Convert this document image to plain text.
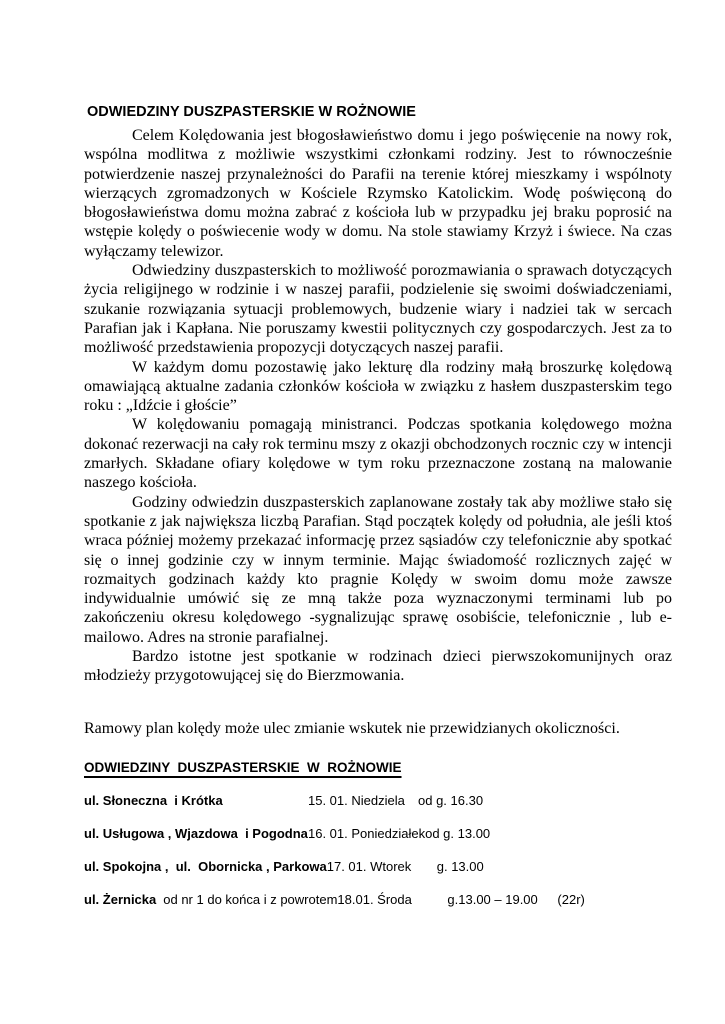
ODWIEDZINY DUSZPASTERSKIE W ROŻNOWIE

Celem Kolędowania jest błogosławieństwo domu i jego poświęcenie na nowy rok, wspólna modlitwa z możliwie wszystkimi członkami rodziny. Jest to równocześnie potwierdzenie naszej przynależności do Parafii na terenie której mieszkamy i wspólnoty wierzących zgromadzonych w Kościele Rzymsko Katolickim. Wodę poświęconą do błogosławieństwa domu można zabrać z kościoła lub w przypadku jej braku poprosić na wstępie kolędy o poświecenie wody w domu. Na stole stawiamy Krzyż i świece. Na czas wyłączamy telewizor.

Odwiedziny duszpasterskich to możliwość porozmawiania o sprawach dotyczących życia religijnego w rodzinie i w naszej parafii, podzielenie się swoimi doświadczeniami, szukanie rozwiązania sytuacji problemowych, budzenie wiary i nadziei tak w sercach Parafian jak i Kapłana. Nie poruszamy kwestii politycznych czy gospodarczych. Jest za to możliwość przedstawienia propozycji dotyczących naszej parafii.

W każdym domu pozostawię jako lekturę dla rodziny małą broszurkę kolędową omawiającą aktualne zadania członków kościoła w związku z hasłem duszpasterskim tego roku : „Idźcie i głoście”

W kolędowaniu pomagają ministranci. Podczas spotkania kolędowego można dokonać rezerwacji na cały rok terminu mszy z okazji obchodzonych rocznic czy w intencji zmarłych. Składane ofiary kolędowe w tym roku przeznaczone zostaną na malowanie naszego kościoła.

Godziny odwiedzin duszpasterskich zaplanowane zostały tak aby możliwe stało się spotkanie z jak największa liczbą Parafian. Stąd początek kolędy od południa, ale jeśli ktoś wraca później możemy przekazać informację przez sąsiadów czy telefonicznie aby spotkać się o innej godzinie czy w innym terminie. Mając świadomość rozlicznych zajęć w rozmaitych godzinach każdy kto pragnie Kolędy w swoim domu może zawsze indywidualnie umówić się ze mną także poza wyznaczonymi terminami lub po zakończeniu okresu kolędowego -sygnalizując sprawę osobiście, telefonicznie , lub e-mailowo. Adres na stronie parafialnej.

Bardzo istotne jest spotkanie w rodzinach dzieci pierwszokomunijnych oraz młodzieży przygotowującej się do Bierzmowania.

Ramowy plan kolędy może ulec zmianie wskutek nie przewidzianych okoliczności.

ODWIEDZINY  DUSZPASTERSKIE  W  ROŻNOWIE
ul. Słoneczna  i Krótka	15. 01. Niedziela	od g. 16.30
ul. Usługowa , Wjazdowa  i Pogodna 16. 01. Poniedziałek od g. 13.00
ul. Spokojna ,  ul.  Obornicka , Parkowa 17. 01. Wtorek	g. 13.00
ul. Żernicka od nr 1 do końca i z powrotem 18.01. Środa	g.13.00 – 19.00	(22r)
